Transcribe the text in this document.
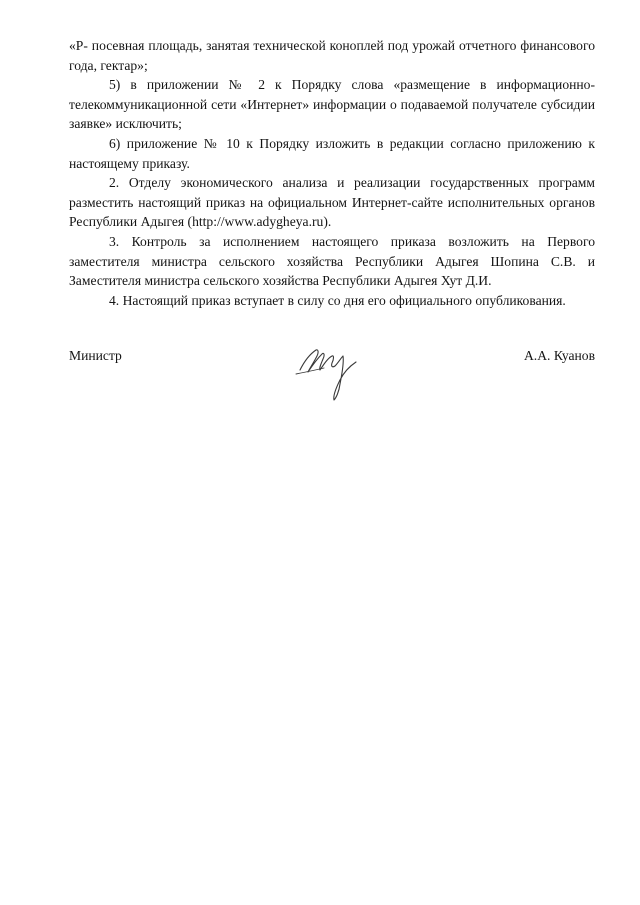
«P- посевная площадь, занятая технической коноплей под урожай отчетного финансового года, гектар»;

5) в приложении № 2 к Порядку слова «размещение в информационно-телекоммуникационной сети «Интернет» информации о подаваемой получателе субсидии заявке» исключить;

6) приложение № 10 к Порядку изложить в редакции согласно приложению к настоящему приказу.

2. Отделу экономического анализа и реализации государственных программ разместить настоящий приказ на официальном Интернет-сайте исполнительных органов Республики Адыгея (http://www.adygheya.ru).

3. Контроль за исполнением настоящего приказа возложить на Первого заместителя министра сельского хозяйства Республики Адыгея Шопина С.В. и Заместителя министра сельского хозяйства Республики Адыгея Хут Д.И.

4. Настоящий приказ вступает в силу со дня его официального опубликования.

Министр	А.А. Куанов
